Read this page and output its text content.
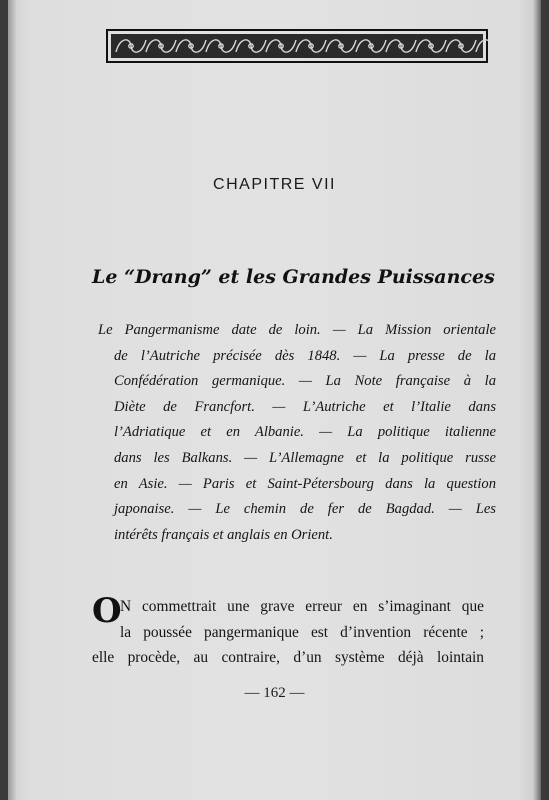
CHAPITRE VII
Le “Drang” et les Grandes Puissances
Le Pangermanisme date de loin. — La Mission orientale
de l’Autriche précisée dès 1848. — La presse de la
Confédération germanique. — La Note française à la
Diète de Francfort. — L’Autriche et l’Italie dans
l’Adriatique et en Albanie. — La politique italienne
dans les Balkans. — L’Allemagne et la politique russe
en Asie. — Paris et Saint-Pétersbourg dans la question
japonaise. — Le chemin de fer de Bagdad. — Les
intérêts français et anglais en Orient.
O
N commettrait une grave erreur en s’imaginant que
la poussée pangermanique est d’invention récente ;
elle procède, au contraire, d’un système déjà lointain
— 162 —
